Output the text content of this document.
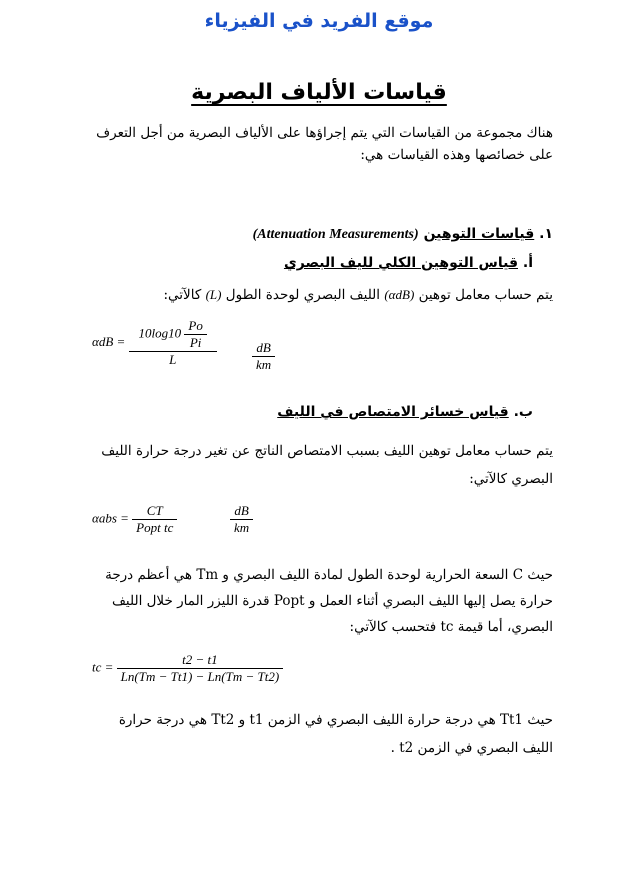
موقع الفريد في الفيزياء
قياسات الألياف البصرية
هناك مجموعة من القياسات التي يتم إجراؤها على الألياف البصرية من أجل التعرف
على خصائصها وهذه القياسات هي:
١. قياسات التوهين (Attenuation Measurements)
أ. قياس التوهين الكلي لليف البصري
يتم حساب معامل توهين (αdB) الليف البصري لوحدة الطول (L) كالآتي:
$\alpha dB = \frac{10\log 10 \frac{Po}{Pi}}{L}$	$\frac{dB}{km}$
ب. قياس خسائر الامتصاص في الليف
يتم حساب معامل توهين الليف بسبب الامتصاص الناتج عن تغير درجة حرارة الليف
البصري كالآتي:
$\alpha abs = \frac{CT}{\text{Popt tc}}$	$\frac{dB}{km}$
حيث C السعة الحرارية لوحدة الطول لمادة الليف البصري و Tm هي أعظم درجة
حرارة يصل إليها الليف البصري أثناء العمل و Popt قدرة الليزر المار خلال الليف
البصري، أما قيمة tc فتحسب كالآتي:
tc = $\frac{t2 - t1}{Ln(Tm - Tt1) - Ln(Tm - Tt2)}$
حيث Tt1 هي درجة حرارة الليف البصري في الزمن t1 و Tt2 هي درجة حرارة
الليف البصري في الزمن t2 .
